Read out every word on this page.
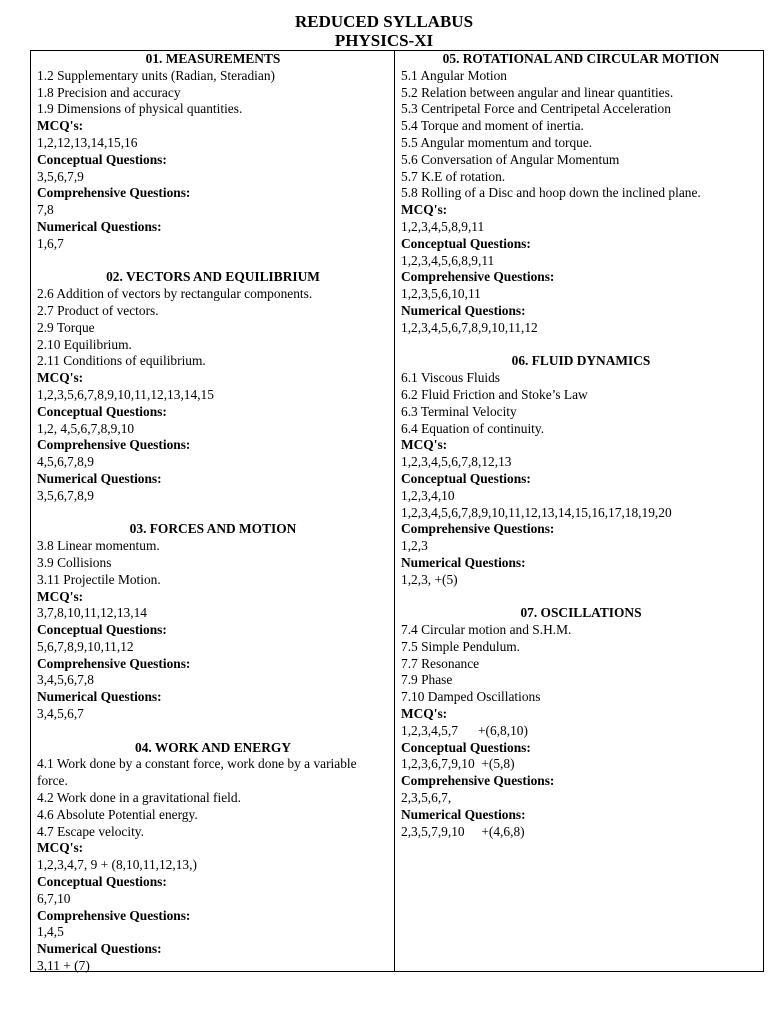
REDUCED SYLLABUS
PHYSICS-XI
01. MEASUREMENTS
1.2 Supplementary units (Radian, Steradian)
1.8 Precision and accuracy
1.9 Dimensions of physical quantities.
MCQ's:
1,2,12,13,14,15,16
Conceptual Questions:
3,5,6,7,9
Comprehensive Questions:
7,8
Numerical Questions:
1,6,7
02. VECTORS AND EQUILIBRIUM
2.6 Addition of vectors by rectangular components.
2.7 Product of vectors.
2.9 Torque
2.10 Equilibrium.
2.11 Conditions of equilibrium.
MCQ's:
1,2,3,5,6,7,8,9,10,11,12,13,14,15
Conceptual Questions:
1,2, 4,5,6,7,8,9,10
Comprehensive Questions:
4,5,6,7,8,9
Numerical Questions:
3,5,6,7,8,9
03. FORCES AND MOTION
3.8 Linear momentum.
3.9 Collisions
3.11 Projectile Motion.
MCQ's:
3,7,8,10,11,12,13,14
Conceptual Questions:
5,6,7,8,9,10,11,12
Comprehensive Questions:
3,4,5,6,7,8
Numerical Questions:
3,4,5,6,7
04. WORK AND ENERGY
4.1 Work done by a constant force, work done by a variable force.
4.2 Work done in a gravitational field.
4.6 Absolute Potential energy.
4.7 Escape velocity.
MCQ's:
1,2,3,4,7, 9 + (8,10,11,12,13,)
Conceptual Questions:
6,7,10
Comprehensive Questions:
1,4,5
Numerical Questions:
3,11 + (7)
05. ROTATIONAL AND CIRCULAR MOTION
5.1 Angular Motion
5.2 Relation between angular and linear quantities.
5.3 Centripetal Force and Centripetal Acceleration
5.4 Torque and moment of inertia.
5.5 Angular momentum and torque.
5.6 Conversation of Angular Momentum
5.7 K.E of rotation.
5.8 Rolling of a Disc and hoop down the inclined plane.
MCQ's:
1,2,3,4,5,8,9,11
Conceptual Questions:
1,2,3,4,5,6,8,9,11
Comprehensive Questions:
1,2,3,5,6,10,11
Numerical Questions:
1,2,3,4,5,6,7,8,9,10,11,12
06. FLUID DYNAMICS
6.1 Viscous Fluids
6.2 Fluid Friction and Stoke’s Law
6.3 Terminal Velocity
6.4 Equation of continuity.
MCQ's:
1,2,3,4,5,6,7,8,12,13
Conceptual Questions:
1,2,3,4,10
1,2,3,4,5,6,7,8,9,10,11,12,13,14,15,16,17,18,19,20
Comprehensive Questions:
1,2,3
Numerical Questions:
1,2,3, +(5)
07. OSCILLATIONS
7.4 Circular motion and S.H.M.
7.5 Simple Pendulum.
7.7 Resonance
7.9 Phase
7.10 Damped Oscillations
MCQ's:
1,2,3,4,5,7      +(6,8,10)
Conceptual Questions:
1,2,3,6,7,9,10  +(5,8)
Comprehensive Questions:
2,3,5,6,7,
Numerical Questions:
2,3,5,7,9,10     +(4,6,8)
